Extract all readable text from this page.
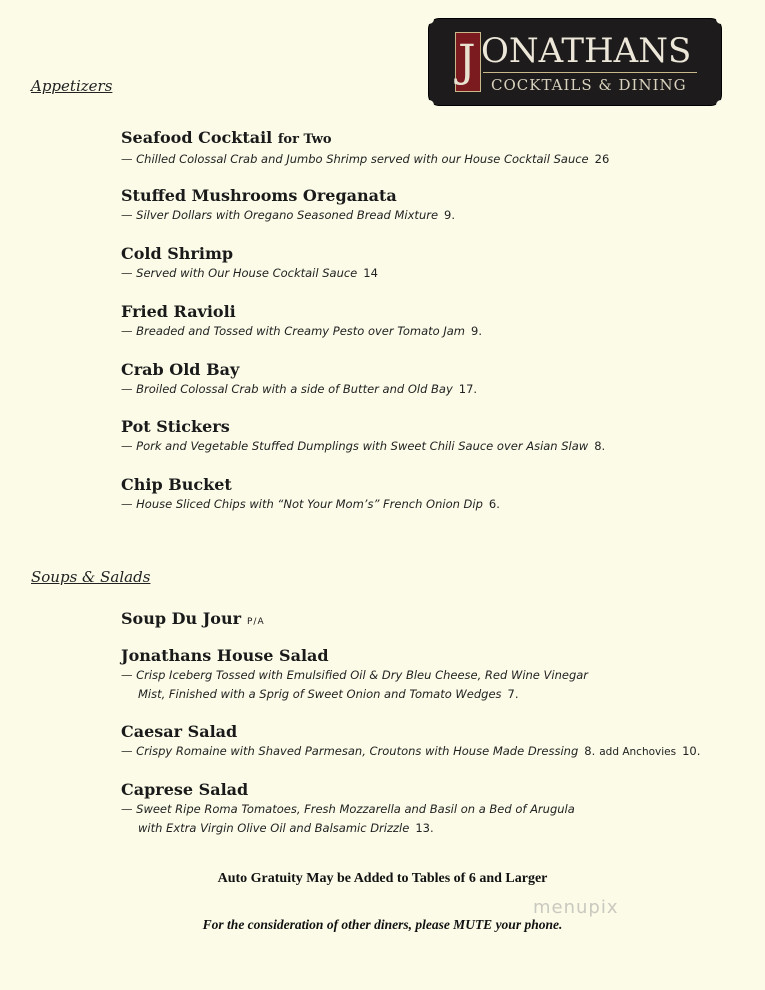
J ONATHANS
COCKTAILS & DINING
Appetizers
Seafood Cocktail for Two
— Chilled Colossal Crab and Jumbo Shrimp served with our House Cocktail Sauce 26
Stuffed Mushrooms Oreganata
— Silver Dollars with Oregano Seasoned Bread Mixture 9.
Cold Shrimp
— Served with Our House Cocktail Sauce 14
Fried Ravioli
— Breaded and Tossed with Creamy Pesto over Tomato Jam 9.
Crab Old Bay
— Broiled Colossal Crab with a side of Butter and Old Bay 17.
Pot Stickers
— Pork and Vegetable Stuffed Dumplings with Sweet Chili Sauce over Asian Slaw 8.
Chip Bucket
— House Sliced Chips with “Not Your Mom’s” French Onion Dip 6.
Soups & Salads
Soup Du Jour P/A
Jonathans House Salad
— Crisp Iceberg Tossed with Emulsified Oil & Dry Bleu Cheese, Red Wine Vinegar
Mist, Finished with a Sprig of Sweet Onion and Tomato Wedges 7.
Caesar Salad
— Crispy Romaine with Shaved Parmesan, Croutons with House Made Dressing 8. add Anchovies 10.
Caprese Salad
— Sweet Ripe Roma Tomatoes, Fresh Mozzarella and Basil on a Bed of Arugula
with Extra Virgin Olive Oil and Balsamic Drizzle 13.
Auto Gratuity May be Added to Tables of 6 and Larger
For the consideration of other diners, please MUTE your phone.
menupix
